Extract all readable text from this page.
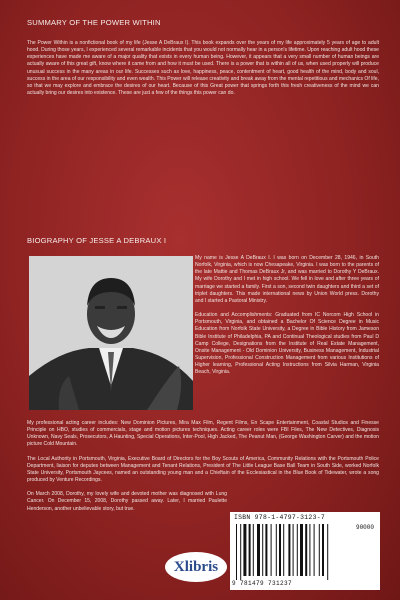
SUMMARY OF THE POWER WITHIN
The Power Within is a nonfictional book of my life (Jesse A DeBraux I). This book expands over the years of my life approximately 5 years of age to adult hood. During those years, I experienced several remarkable incidents that you would not normally hear in a person's lifetime. Upon reaching adult hood these experiences have made me aware of a major quality that exists in every human being. However, it appears that a very small number of human beings are actually aware of this great gift, know where it came from and how it must be used. There is a power that is within all of us, when used properly will produce unusual success in the many areas in our life. Successes such as love, happiness, peace, contentment of heart, good health of the mind, body and soul, success in the area of our responsibility and even wealth. This Power will release creativity and break away from the mental repetitious and mechanics Of life, so that we may explore and embrace the desires of our heart. Because of this Great power that springs forth this fresh creativeness of the mind we can actually bring our desires into existence. These are just a few of the things this power can do.
BIOGRAPHY OF JESSE A DEBRAUX I

My name is Jesse A DeBraux I. I was born on December 28, 1946, in South Norfolk, Virginia, which is now Chesapeake, Virginia. I was born to the parents of the late Mattie and Thomas DeBraux Jr, and was married to Dorothy Y DeBraux. My wife Dorothy and I met in high school. We fell in love and after three years of marriage we started a family. First a son, second twin daughters and third a set of triplet daughters. This made international news by Union World press. Dorothy and I started a Pastoral Ministry.

Education and Accomplishments: Graduated from IC Norcom High School in Portsmouth, Virginia, and obtained a Bachelor Of Science Degree in Music Education from Norfolk State University, a Degree in Bible History from Jameson Bible Institute of Philadelphia, PA and Continual Theological studies from Paul D Camp College, Designations from the Institute of Real Estate Management, Onsite Management - Old Dominion University, Business Management, Industrial Supervision, Professional Construction Management from various Institutions of Higher learning, Professional Acting Instructions from Silvia Harman, Virginia Beach, Virginia.

My professional acting career includes: New Dominion Pictures, Mira Max Film, Regent Films, En Scape Entertainment, Coastal Studios and Finesse Principle on HBO, studies of commercials, stage and motion pictures techniques. Acting career roles were FBI Files, The New Detectives, Diagnosis Unknown, Navy Seals, Prosecutors, A Haunting, Special Operations, Inter-Pool, High Jacked, The Peanut Man, (George Washington Carver) and the motion picture Cold Mountain.

The Local Authority in Portsmouth, Virginia, Executive Board of Directors for the Boy Scouts of America, Community Relations with the Portsmouth Police Department, liaison for deputes between Management and Tenant Relations, President of The Little League Base Ball Team in South Side, worked Norfolk State University, Portsmouth Jaycees, named an outstanding young man and a Chieftain of the Ecclesiastical in the Blue Book of Tidewater, wrote a song produced by Venture Recordings.

On March 2008, Dorothy, my lovely wife and devoted mother was diagnosed with Lung Cancer. On December 15, 2008, Dorothy passed away. Later, I married Paulette Henderson, another unbelievable story, but true.

Xlibris
ISBN 978-1-4797-3123-7
90000
9 781479 731237
